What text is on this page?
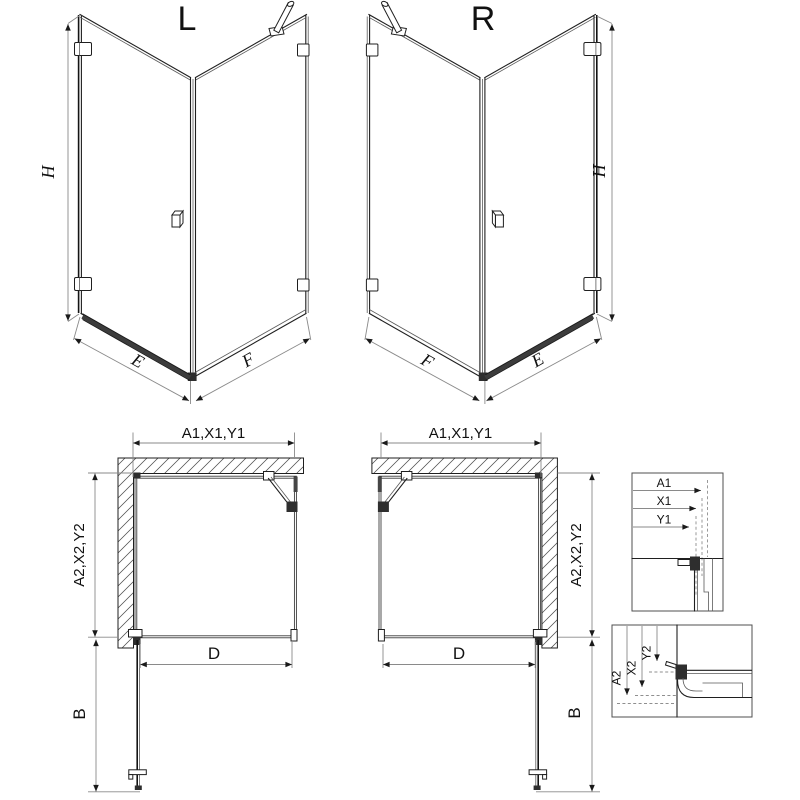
L
H
E	F
R
H
F	E
A1,X1,Y1
A2,X2,Y2
B
D
A1,X1,Y1
A2,X2,Y2
B
D
A1
X1
Y1
A2
X2
Y2
